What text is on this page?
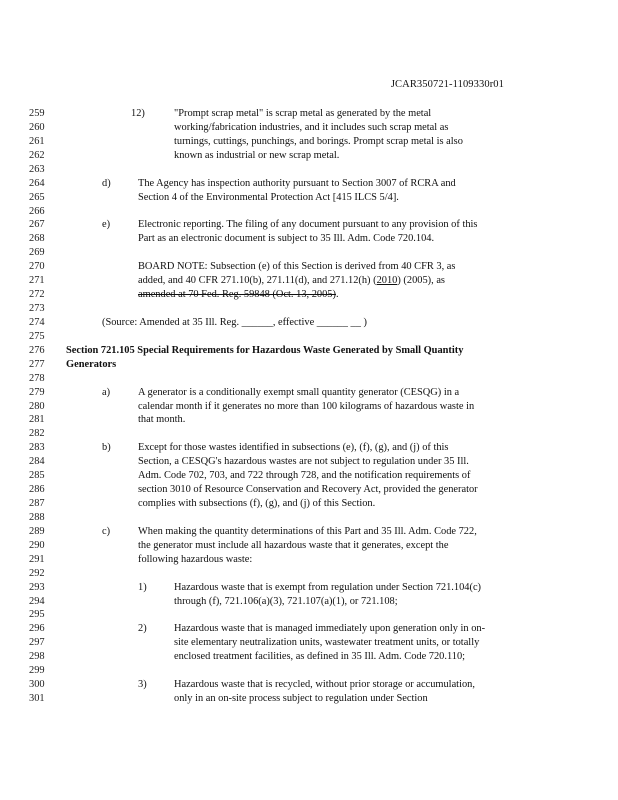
JCAR350721-1109330r01
259	12)	"Prompt scrap metal" is scrap metal as generated by the metal
260	working/fabrication industries, and it includes such scrap metal as
261	turnings, cuttings, punchings, and borings. Prompt scrap metal is also
262	known as industrial or new scrap metal.
263
264	d)	The Agency has inspection authority pursuant to Section 3007 of RCRA and
265	Section 4 of the Environmental Protection Act [415 ILCS 5/4].
266
267	e)	Electronic reporting. The filing of any document pursuant to any provision of this
268	Part as an electronic document is subject to 35 Ill. Adm. Code 720.104.
269
270	BOARD NOTE: Subsection (e) of this Section is derived from 40 CFR 3, as
271	added, and 40 CFR 271.10(b), 271.11(d), and 271.12(h) (2010) (2005), as
272	amended at 70 Fed. Reg. 59848 (Oct. 13, 2005).
273
274	(Source: Amended at 35 Ill. Reg. ______, effective ______ __ )
275
276	Section 721.105 Special Requirements for Hazardous Waste Generated by Small Quantity
277	Generators
278
279	a)	A generator is a conditionally exempt small quantity generator (CESQG) in a
280	calendar month if it generates no more than 100 kilograms of hazardous waste in
281	that month.
282
283	b)	Except for those wastes identified in subsections (e), (f), (g), and (j) of this
284	Section, a CESQG's hazardous wastes are not subject to regulation under 35 Ill.
285	Adm. Code 702, 703, and 722 through 728, and the notification requirements of
286	section 3010 of Resource Conservation and Recovery Act, provided the generator
287	complies with subsections (f), (g), and (j) of this Section.
288
289	c)	When making the quantity determinations of this Part and 35 Ill. Adm. Code 722,
290	the generator must include all hazardous waste that it generates, except the
291	following hazardous waste:
292
293	1)	Hazardous waste that is exempt from regulation under Section 721.104(c)
294	through (f), 721.106(a)(3), 721.107(a)(1), or 721.108;
295
296	2)	Hazardous waste that is managed immediately upon generation only in on-
297	site elementary neutralization units, wastewater treatment units, or totally
298	enclosed treatment facilities, as defined in 35 Ill. Adm. Code 720.110;
299
300	3)	Hazardous waste that is recycled, without prior storage or accumulation,
301	only in an on-site process subject to regulation under Section
